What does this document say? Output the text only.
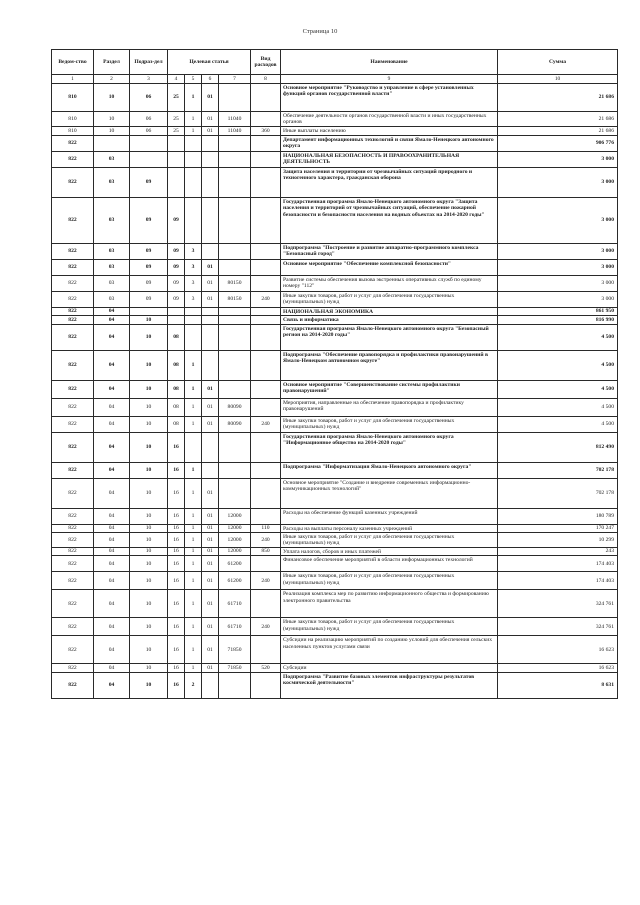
Страница 10
Ведом-ство	Раздел	Подраз-дел	Целевая статья				Вид расходов	Наименование	Сумма
1	2	3	4	5	6	7	8	9	10
810	10	06	25	1	01			Основное мероприятие "Руководство и управление в сфере установленных функций органов государственной власти"	21 686
810	10	06	25	1	01	11040		Обеспечение деятельности органов государственной власти и иных государственных органов	21 686
810	10	06	25	1	01	11040	360	Иные выплаты населению	21 686
822								Департамент информационных технологий и связи Ямало-Ненецкого автономного округа	906 776
822	03							НАЦИОНАЛЬНАЯ БЕЗОПАСНОСТЬ И ПРАВООХРАНИТЕЛЬНАЯ ДЕЯТЕЛЬНОСТЬ	3 000
822	03	09						Защита населения и территории от чрезвычайных ситуаций природного и техногенного характера, гражданская оборона	3 000
822	03	09	09					Государственная программа Ямало-Ненецкого автономного округа "Защита населения и территорий от чрезвычайных ситуаций, обеспечение пожарной безопасности и безопасности населения на водных объектах на 2014-2020 годы"	3 000
822	03	09	09	3				Подпрограмма "Построение и развитие аппаратно-программного комплекса "Безопасный город"	3 000
822	03	09	09	3	01			Основное мероприятие "Обеспечение комплексной безопасности"	3 000
822	03	09	09	3	01	80150		Развитие системы обеспечения вызова экстренных оперативных служб по единому номеру "112"	3 000
822	03	09	09	3	01	80150	240	Иные закупки товаров, работ и услуг для обеспечения государственных (муниципальных) нужд	3 000
822	04							НАЦИОНАЛЬНАЯ ЭКОНОМИКА	861 950
822	04	10						Связь и информатика	816 990
822	04	10	08					Государственная программа Ямало-Ненецкого автономного округа "Безопасный регион на 2014-2020 годы"	4 500
822	04	10	08	1				Подпрограмма "Обеспечение правопорядка и профилактики правонарушений в Ямало-Ненецком автономном округе"	4 500
822	04	10	08	1	01			Основное мероприятие "Совершенствование системы профилактики правонарушений"	4 500
822	04	10	08	1	01	80090		Мероприятия, направленные на обеспечение правопорядка и профилактику правонарушений	4 500
822	04	10	08	1	01	80090	240	Иные закупки товаров, работ и услуг для обеспечения государственных (муниципальных) нужд	4 500
822	04	10	16					Государственная программа Ямало-Ненецкого автономного округа "Информационное общество на 2014-2020 годы"	812 490
822	04	10	16	1				Подпрограмма "Информатизация Ямало-Ненецкого автономного округа"	702 178
822	04	10	16	1	01			Основное мероприятие "Создание и внедрение современных информационно-коммуникационных технологий"	702 178
822	04	10	16	1	01	12000		Расходы на обеспечение функций казенных учреждений	180 789
822	04	10	16	1	01	12000	110	Расходы на выплаты персоналу казенных учреждений	170 247
822	04	10	16	1	01	12000	240	Иные закупки товаров, работ и услуг для обеспечения государственных (муниципальных) нужд	10 299
822	04	10	16	1	01	12000	850	Уплата налогов, сборов и иных платежей	243
822	04	10	16	1	01	61200		Финансовое обеспечение мероприятий в области информационных технологий	174 403
822	04	10	16	1	01	61200	240	Иные закупки товаров, работ и услуг для обеспечения государственных (муниципальных) нужд	174 403
822	04	10	16	1	01	61710		Реализация комплекса мер по развитию информационного общества и формированию электронного правительства	324 761
822	04	10	16	1	01	61710	240	Иные закупки товаров, работ и услуг для обеспечения государственных (муниципальных) нужд	324 761
822	04	10	16	1	01	71850		Субсидии на реализацию мероприятий по созданию условий для обеспечения сельских населенных пунктов услугами связи	16 623
822	04	10	16	1	01	71850	520	Субсидии	16 623
822	04	10	16	2				Подпрограмма "Развитие базовых элементов инфраструктуры результатов космической деятельности"	8 631
